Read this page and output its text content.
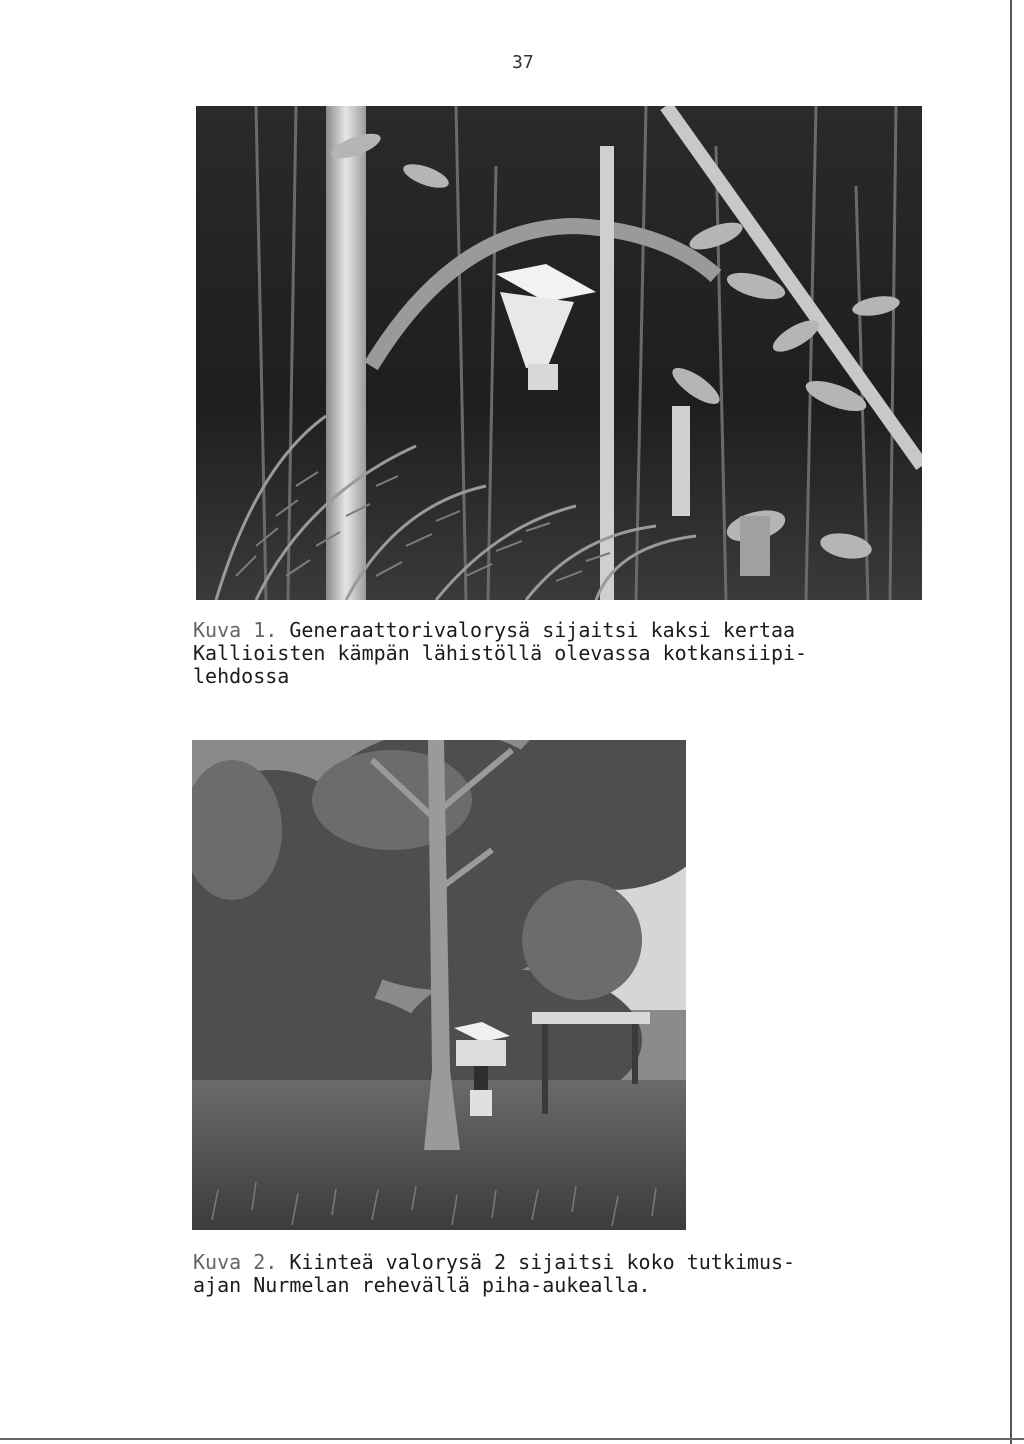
37
Kuva 1. Generaattorivalorysä sijaitsi kaksi kertaa
Kallioisten kämpän lähistöllä olevassa kotkansiipi-
lehdossa
Kuva 2. Kiinteä valorysä 2 sijaitsi koko tutkimus-
ajan Nurmelan rehevällä piha-aukealla.
